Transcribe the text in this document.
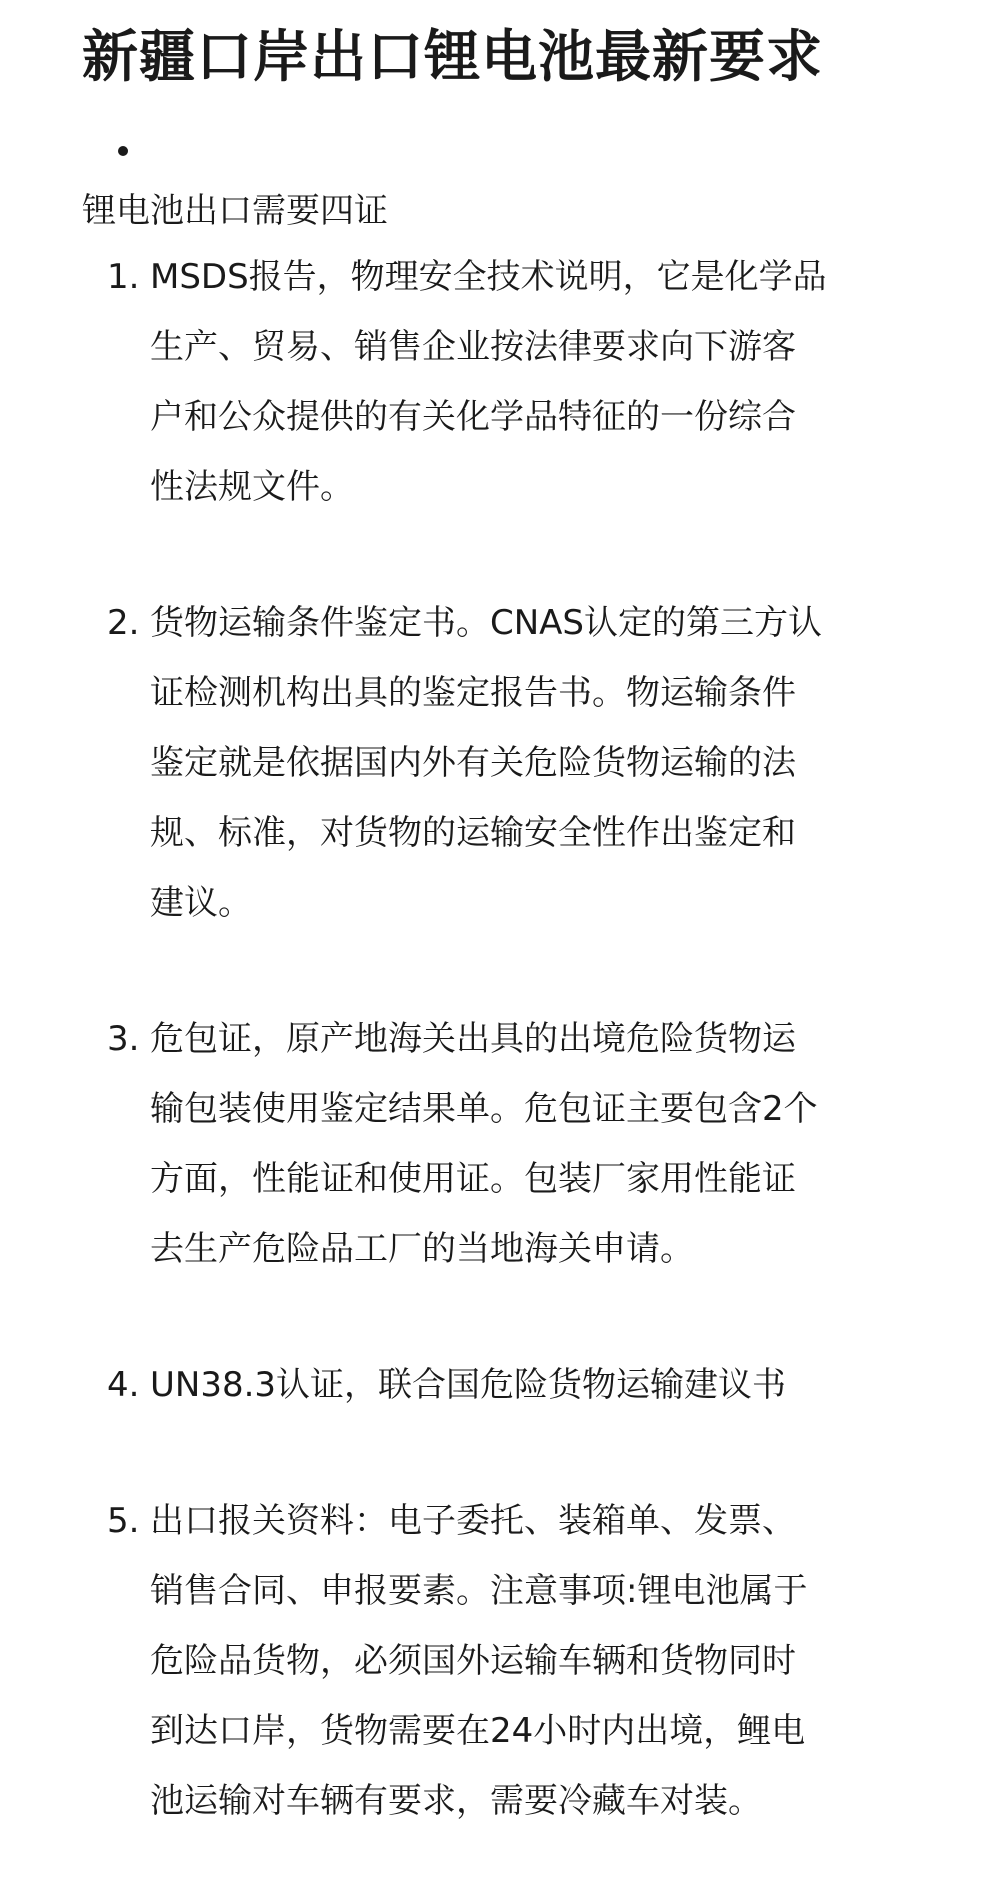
新疆口岸出口锂电池最新要求
锂电池出口需要四证
1. MSDS报告，物理安全技术说明，它是化学品
生产、贸易、销售企业按法律要求向下游客
户和公众提供的有关化学品特征的一份综合
性法规文件。
2. 货物运输条件鉴定书。CNAS认定的第三方认
证检测机构出具的鉴定报告书。物运输条件
鉴定就是依据国内外有关危险货物运输的法
规、标准，对货物的运输安全性作出鉴定和
建议。
3. 危包证，原产地海关出具的出境危险货物运
输包装使用鉴定结果单。危包证主要包含2个
方面，性能证和使用证。包装厂家用性能证
去生产危险品工厂的当地海关申请。
4. UN38.3认证，联合国危险货物运输建议书
5. 出口报关资料：电子委托、装箱单、发票、
销售合同、申报要素。注意事项:锂电池属于
危险品货物，必须国外运输车辆和货物同时
到达口岸，货物需要在24小时内出境，鲤电
池运输对车辆有要求，需要冷藏车对装。
